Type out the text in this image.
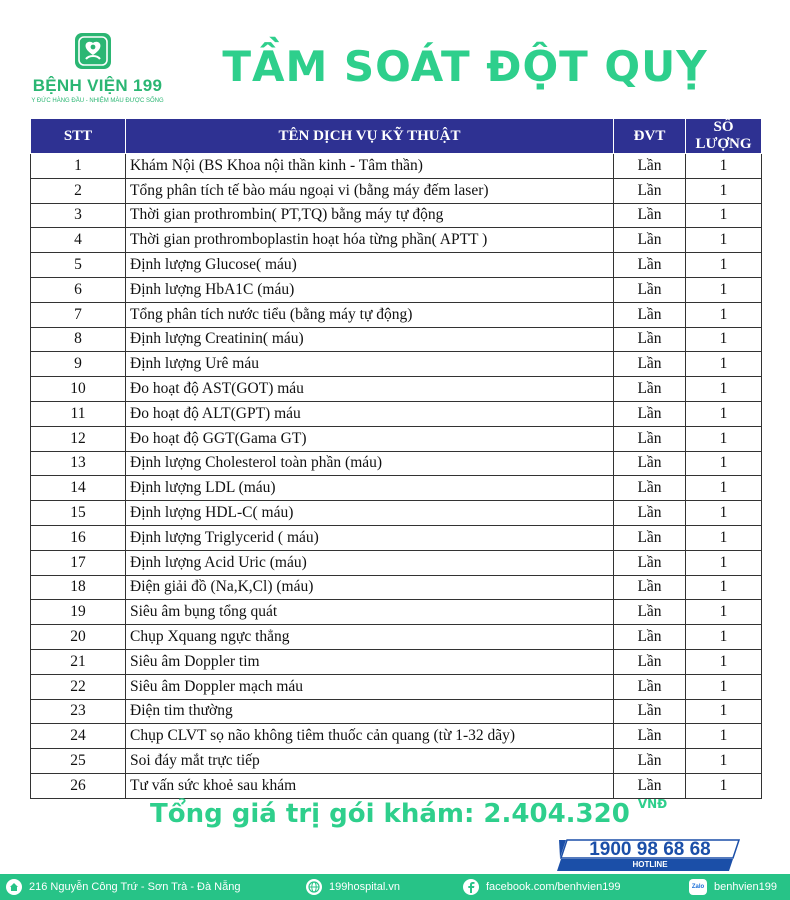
BỆNH VIỆN 199
Y ĐỨC HÀNG ĐẦU - NHIỆM MÀU ĐƯỢC SỐNG
TẦM SOÁT ĐỘT QUỴ
STT	TÊN DỊCH VỤ KỸ THUẬT	ĐVT	SỐ LƯỢNG
1	Khám Nội (BS Khoa nội thần kinh - Tâm thần)	Lần	1
2	Tổng phân tích tế bào máu ngoại vi (bằng máy đếm laser)	Lần	1
3	Thời gian prothrombin( PT,TQ) bằng máy tự động	Lần	1
4	Thời gian prothromboplastin hoạt hóa từng phần( APTT )	Lần	1
5	Định lượng Glucose( máu)	Lần	1
6	Định lượng HbA1C (máu)	Lần	1
7	Tổng phân tích nước tiểu (bằng máy tự động)	Lần	1
8	Định lượng Creatinin( máu)	Lần	1
9	Định lượng Urê máu	Lần	1
10	Đo hoạt độ AST(GOT) máu	Lần	1
11	Đo hoạt độ ALT(GPT) máu	Lần	1
12	Đo hoạt độ GGT(Gama GT)	Lần	1
13	Định lượng Cholesterol toàn phần (máu)	Lần	1
14	Định lượng LDL (máu)	Lần	1
15	Định lượng HDL-C( máu)	Lần	1
16	Định lượng Triglycerid ( máu)	Lần	1
17	Định lượng Acid Uric (máu)	Lần	1
18	Điện giải đồ (Na,K,Cl) (máu)	Lần	1
19	Siêu âm bụng tổng quát	Lần	1
20	Chụp Xquang ngực thẳng	Lần	1
21	Siêu âm Doppler tim	Lần	1
22	Siêu âm Doppler mạch máu	Lần	1
23	Điện tim thường	Lần	1
24	Chụp CLVT sọ não không tiêm thuốc cản quang (từ 1-32 dãy)	Lần	1
25	Soi đáy mắt trực tiếp	Lần	1
26	Tư vấn sức khoẻ sau khám	Lần	1
Tổng giá trị gói khám: 2.404.320 $^{VNĐ}$
1900 98 68 68
HOTLINE
216 Nguyễn Công Trứ - Sơn Trà - Đà Nẵng	199hospital.vn	facebook.com/benhvien199	Zalo benhvien199
